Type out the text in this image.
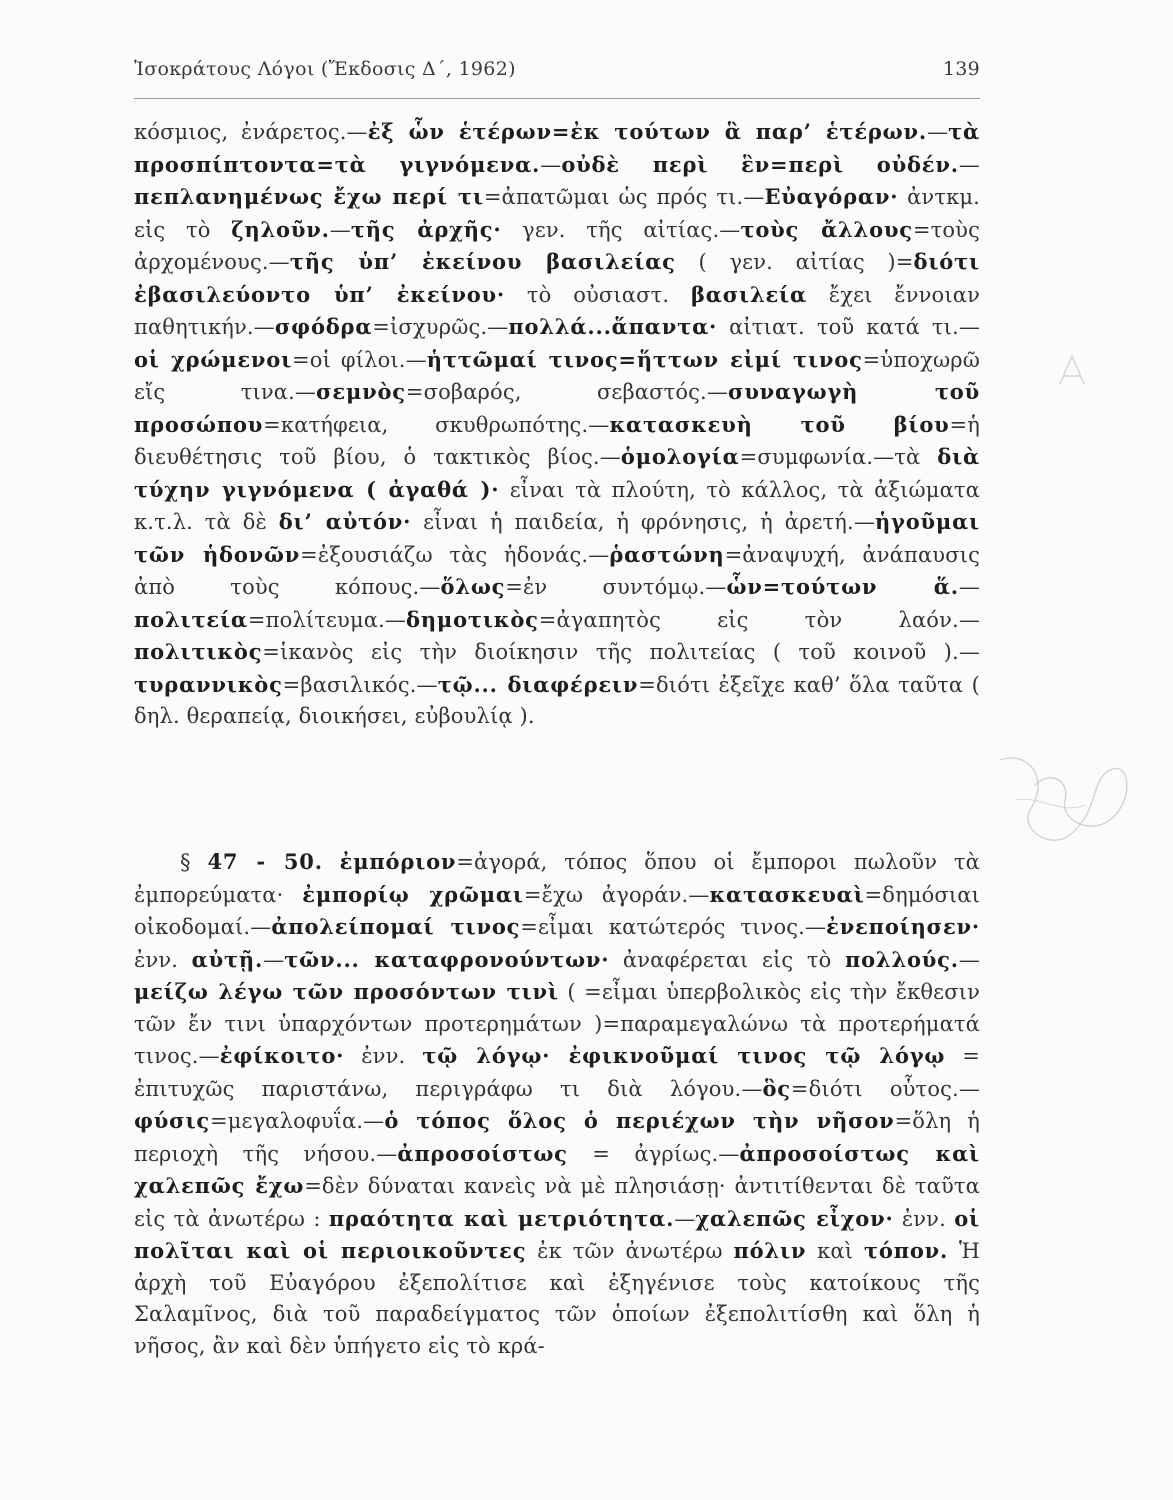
Ἰσοκράτους Λόγοι (Ἔκδοσις Δ΄, 1962)	139

κόσμιος, ἐνάρετος.—ἐξ ὧν ἑτέρων=ἐκ τούτων ἃ παρ’ ἑτέρων.—τὰ προσπίπτοντα=τὰ γιγνόμενα.—οὐδὲ περὶ ἓν=περὶ οὐδέν.—πεπλανημένως ἔχω περί τι=ἀπατῶμαι ὡς πρός τι.—Εὐαγόραν· ἀντκμ. εἰς τὸ ζηλοῦν.—τῆς ἀρχῆς· γεν. τῆς αἰτίας.—τοὺς ἄλλους=τοὺς ἀρχομένους.—τῆς ὑπ’ ἐκείνου βασιλείας ( γεν. αἰτίας )=διότι ἐβασιλεύοντο ὑπ’ ἐκείνου· τὸ οὐσιαστ. βασιλεία ἔχει ἔννοιαν παθητικήν.—σφόδρα=ἰσχυρῶς.—πολλά...ἅπαντα· αἰτιατ. τοῦ κατά τι.—οἱ χρώμενοι=οἱ φίλοι.—ἡττῶμαί τινος=ἥττων εἰμί τινος=ὑποχωρῶ εἴς τινα.—σεμνὸς=σοβαρός, σεβαστός.—συναγωγὴ τοῦ προσώπου=κατήφεια, σκυθρωπότης.—κατασκευὴ τοῦ βίου=ἡ διευθέτησις τοῦ βίου, ὁ τακτικὸς βίος.—ὁμολογία=συμφωνία.—τὰ διὰ τύχην γιγνόμενα ( ἀγαθά )· εἶναι τὰ πλούτη, τὸ κάλλος, τὰ ἀξιώματα κ.τ.λ. τὰ δὲ δι’ αὐτόν· εἶναι ἡ παιδεία, ἡ φρόνησις, ἡ ἀρετή.—ἡγοῦμαι τῶν ἡδονῶν=ἐξουσιάζω τὰς ἡδονάς.—ῥαστώνη=ἀναψυχή, ἀνάπαυσις ἀπὸ τοὺς κόπους.—ὅλως=ἐν συντόμῳ.—ὧν=τούτων ἅ.—πολιτεία=πολίτευμα.—δημοτικὸς=ἀγαπητὸς εἰς τὸν λαόν.—πολιτικὸς=ἱκανὸς εἰς τὴν διοίκησιν τῆς πολιτείας ( τοῦ κοινοῦ ).—τυραννικὸς=βασιλικός.—τῷ... διαφέρειν=διότι ἐξεῖχε καθ’ ὅλα ταῦτα ( δηλ. θεραπείᾳ, διοικήσει, εὐβουλίᾳ ).

§ 47 - 50. ἐμπόριον=ἀγορά, τόπος ὅπου οἱ ἔμποροι πωλοῦν τὰ ἐμπορεύματα· ἐμπορίῳ χρῶμαι=ἔχω ἀγοράν.—κατασκευαὶ=δημόσιαι οἰκοδομαί.—ἀπολείπομαί τινος=εἶμαι κατώτερός τινος.—ἐνεποίησεν· ἐνν. αὐτῇ.—τῶν... καταφρονούντων· ἀναφέρεται εἰς τὸ πολλούς.—μείζω λέγω τῶν προσόντων τινὶ ( =εἶμαι ὑπερβολικὸς εἰς τὴν ἔκθεσιν τῶν ἔν τινι ὑπαρχόντων προτερημάτων )=παραμεγαλώνω τὰ προτερήματά τινος.—ἐφίκοιτο· ἐνν. τῷ λόγῳ· ἐφικνοῦμαί τινος τῷ λόγῳ = ἐπιτυχῶς παριστάνω, περιγράφω τι διὰ λόγου.—ὃς=διότι οὗτος.—φύσις=μεγαλοφυΐα.—ὁ τόπος ὅλος ὁ περιέχων τὴν νῆσον=ὅλη ἡ περιοχὴ τῆς νήσου.—ἀπροσοίστως = ἀγρίως.—ἀπροσοίστως καὶ χαλεπῶς ἔχω=δὲν δύναται κανεὶς νὰ μὲ πλησιάσῃ· ἀντιτίθενται δὲ ταῦτα εἰς τὰ ἀνωτέρω : πραότητα καὶ μετριότητα.—χαλεπῶς εἶχον· ἐνν. οἱ πολῖται καὶ οἱ περιοικοῦντες ἐκ τῶν ἀνωτέρω πόλιν καὶ τόπον. Ἡ ἀρχὴ τοῦ Εὐαγόρου ἐξεπολίτισε καὶ ἐξηγένισε τοὺς κατοίκους τῆς Σαλαμῖνος, διὰ τοῦ παραδείγματος τῶν ὁποίων ἐξεπολιτίσθη καὶ ὅλη ἡ νῆσος, ἂν καὶ δὲν ὑπήγετο εἰς τὸ κρά-
